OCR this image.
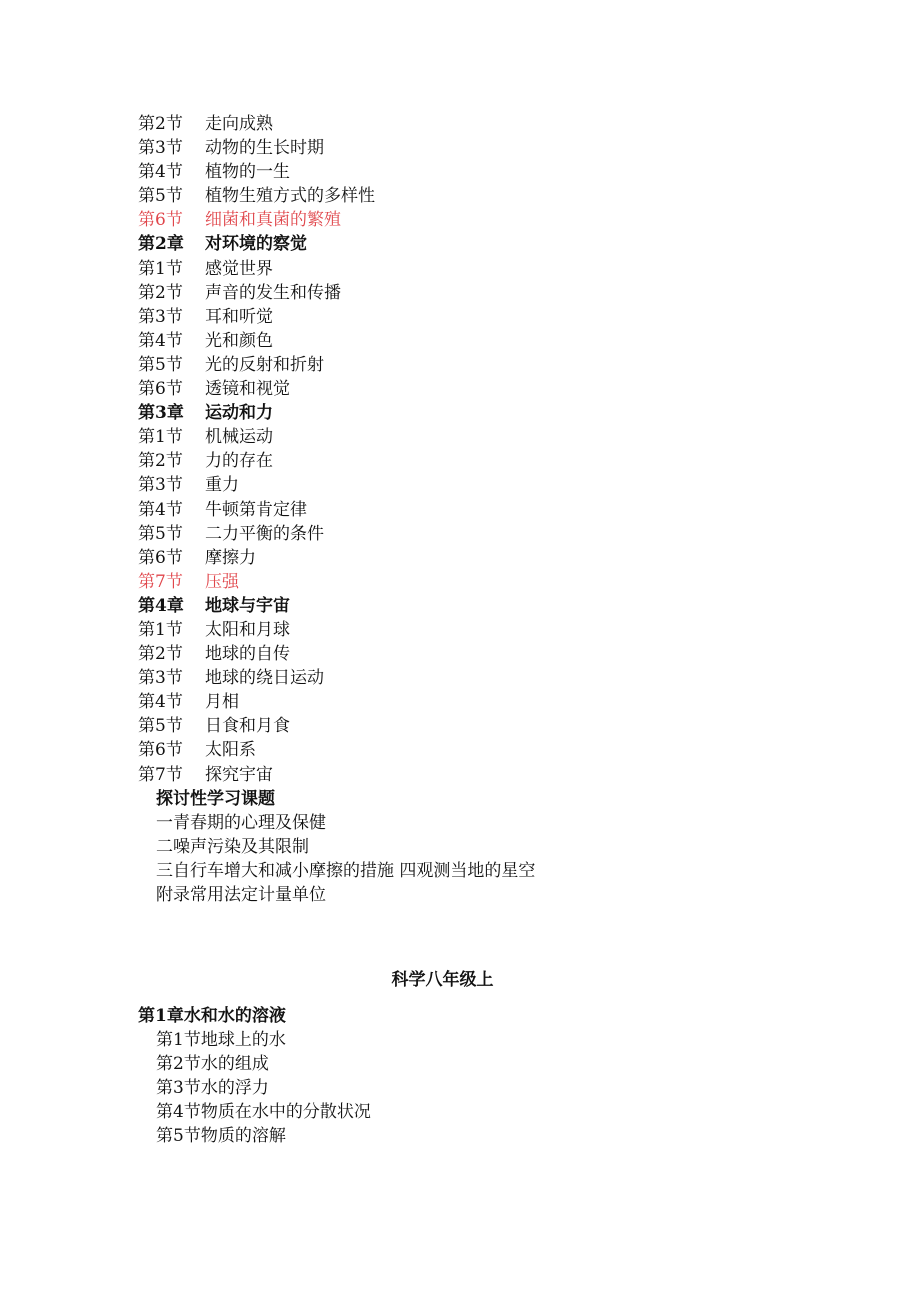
第2节 走向成熟
第3节 动物的生长时期
第4节 植物的一生
第5节 植物生殖方式的多样性
第6节 细菌和真菌的繁殖
第2章 对环境的察觉
第1节 感觉世界
第2节 声音的发生和传播
第3节 耳和听觉
第4节 光和颜色
第5节 光的反射和折射
第6节 透镜和视觉
第3章 运动和力
第1节 机械运动
第2节 力的存在
第3节 重力
第4节 牛顿第肯定律
第5节 二力平衡的条件
第6节 摩擦力
第7节 压强
第4章 地球与宇宙
第1节 太阳和月球
第2节 地球的自传
第3节 地球的绕日运动
第4节 月相
第5节 日食和月食
第6节 太阳系
第7节 探究宇宙
探讨性学习课题
一青春期的心理及保健
二噪声污染及其限制
三自行车增大和减小摩擦的措施 四观测当地的星空
附录常用法定计量单位
科学八年级上
第1章水和水的溶液
第1节地球上的水
第2节水的组成
第3节水的浮力
第4节物质在水中的分散状况
第5节物质的溶解
